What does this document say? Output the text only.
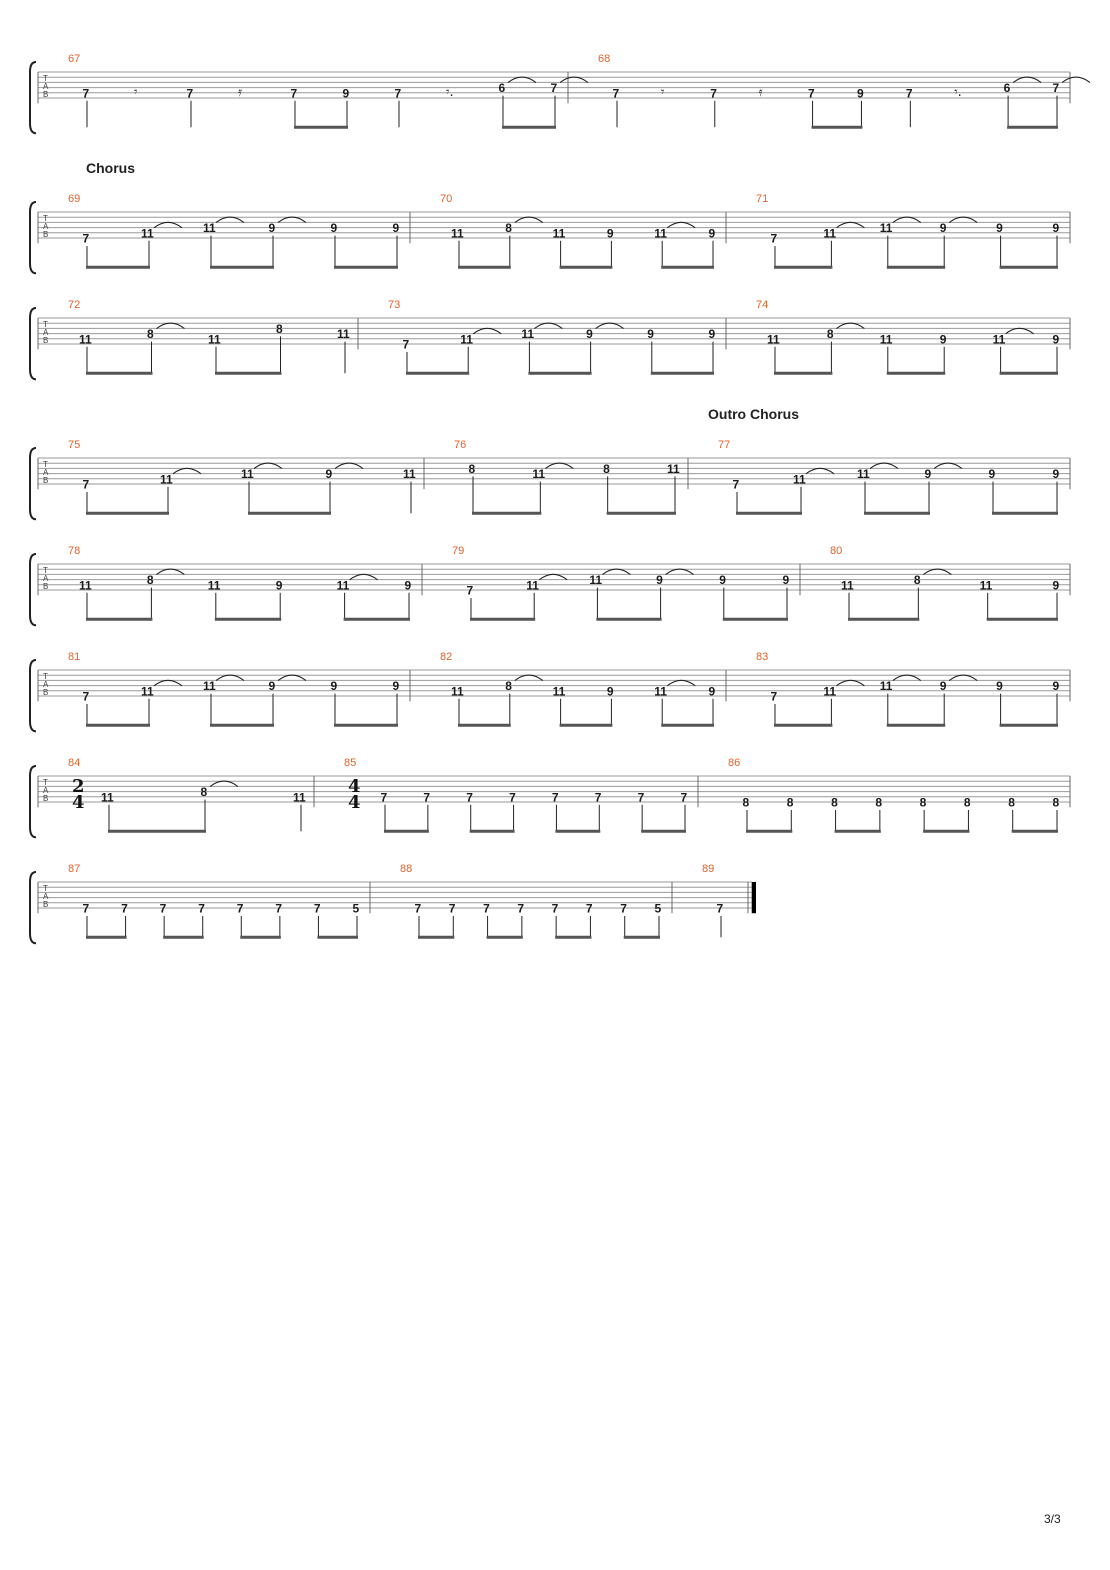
T
A
B
67
7	𝄾	7	𝄿	7	9	7	𝄾.	6	7
68
7	𝄾	7	𝄿	7	9	7	𝄾.	6	7
Chorus
T
A
B
69
7	11	11	9	9	9
70
11	8	11	9	11	9
71
7	11	11	9	9	9
T
A
B
72
11	8	11
8	11
73
7	11	11	9	9	9
74
11	8	11	9	11	9
Outro Chorus
T
A
B
75
7	11	11	9	11
76
8	11	8	11
77
7	11	11	9	9	9
T
A
B
78
11	8	11	9	11	9
79
7	11	11	9	9	9
80
11	8	11	9
T
A
B
81
7	11	11	9	9	9
82
11	8	11	9	11	9
83
7	11	11	9	9	9
T
A
B
84
2
4 11	8	11
85
4
4 7	7	7	7	7	7	7	7
86
8	8	8	8	8	8	8	8
T
A
B
87
7	7	7	7	7	7	7	5
88
7 7 7 7 7 7 7 5
89
7
3/3
